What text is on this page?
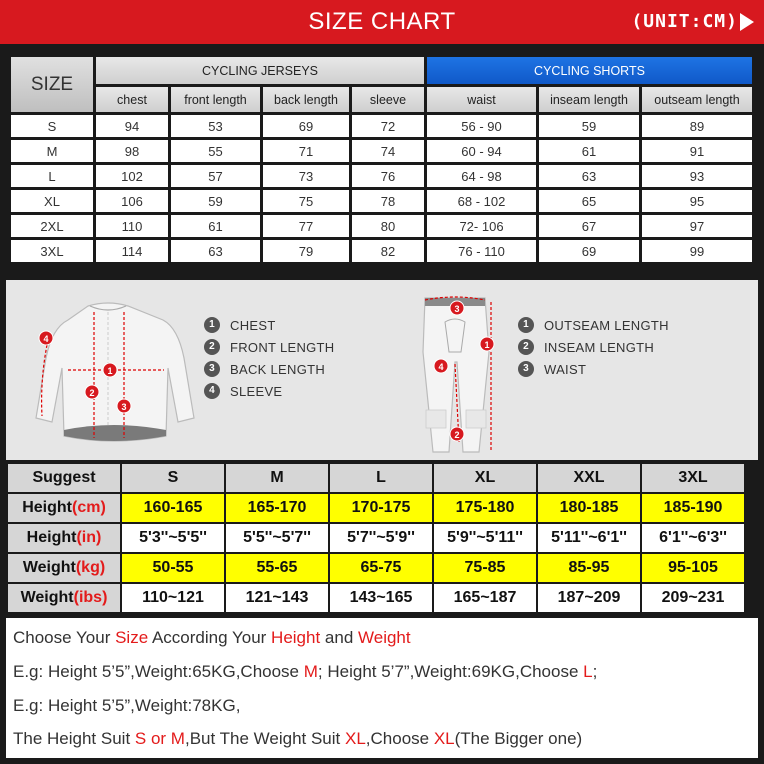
SIZE CHART	(UNIT:CM)
SIZE	CYCLING JERSEYS				CYCLING SHORTS		
	chest	front length	back length	sleeve	waist	inseam length	outseam length
S	94	53	69	72	56 - 90	59	89
M	98	55	71	74	60 - 94	61	91
L	102	57	73	76	64 - 98	63	93
XL	106	59	75	78	68 - 102	65	95
2XL	110	61	77	80	72- 106	67	97
3XL	114	63	79	82	76 - 110	69	99
4
1
2
3
1	CHEST
2	FRONT LENGTH
3	BACK LENGTH
4	SLEEVE
3
1
4
2
1	OUTSEAM LENGTH
2	INSEAM LENGTH
3	WAIST
Suggest	S	M	L	XL	XXL	3XL
Height(cm)	160-165	165-170	170-175	175-180	180-185	185-190
Height(in)	5'3''~5'5''	5'5''~5'7''	5'7''~5'9''	5'9''~5'11''	5'11''~6'1''	6'1''~6'3''
Weight(kg)	50-55	55-65	65-75	75-85	85-95	95-105
Weight(ibs)	110~121	121~143	143~165	165~187	187~209	209~231
Choose Your Size According Your Height and Weight
E.g: Height 5’5”,Weight:65KG,Choose M; Height 5’7”,Weight:69KG,Choose L;
E.g: Height 5’5”,Weight:78KG,
The Height Suit S or M,But The Weight Suit XL,Choose XL(The Bigger one)
